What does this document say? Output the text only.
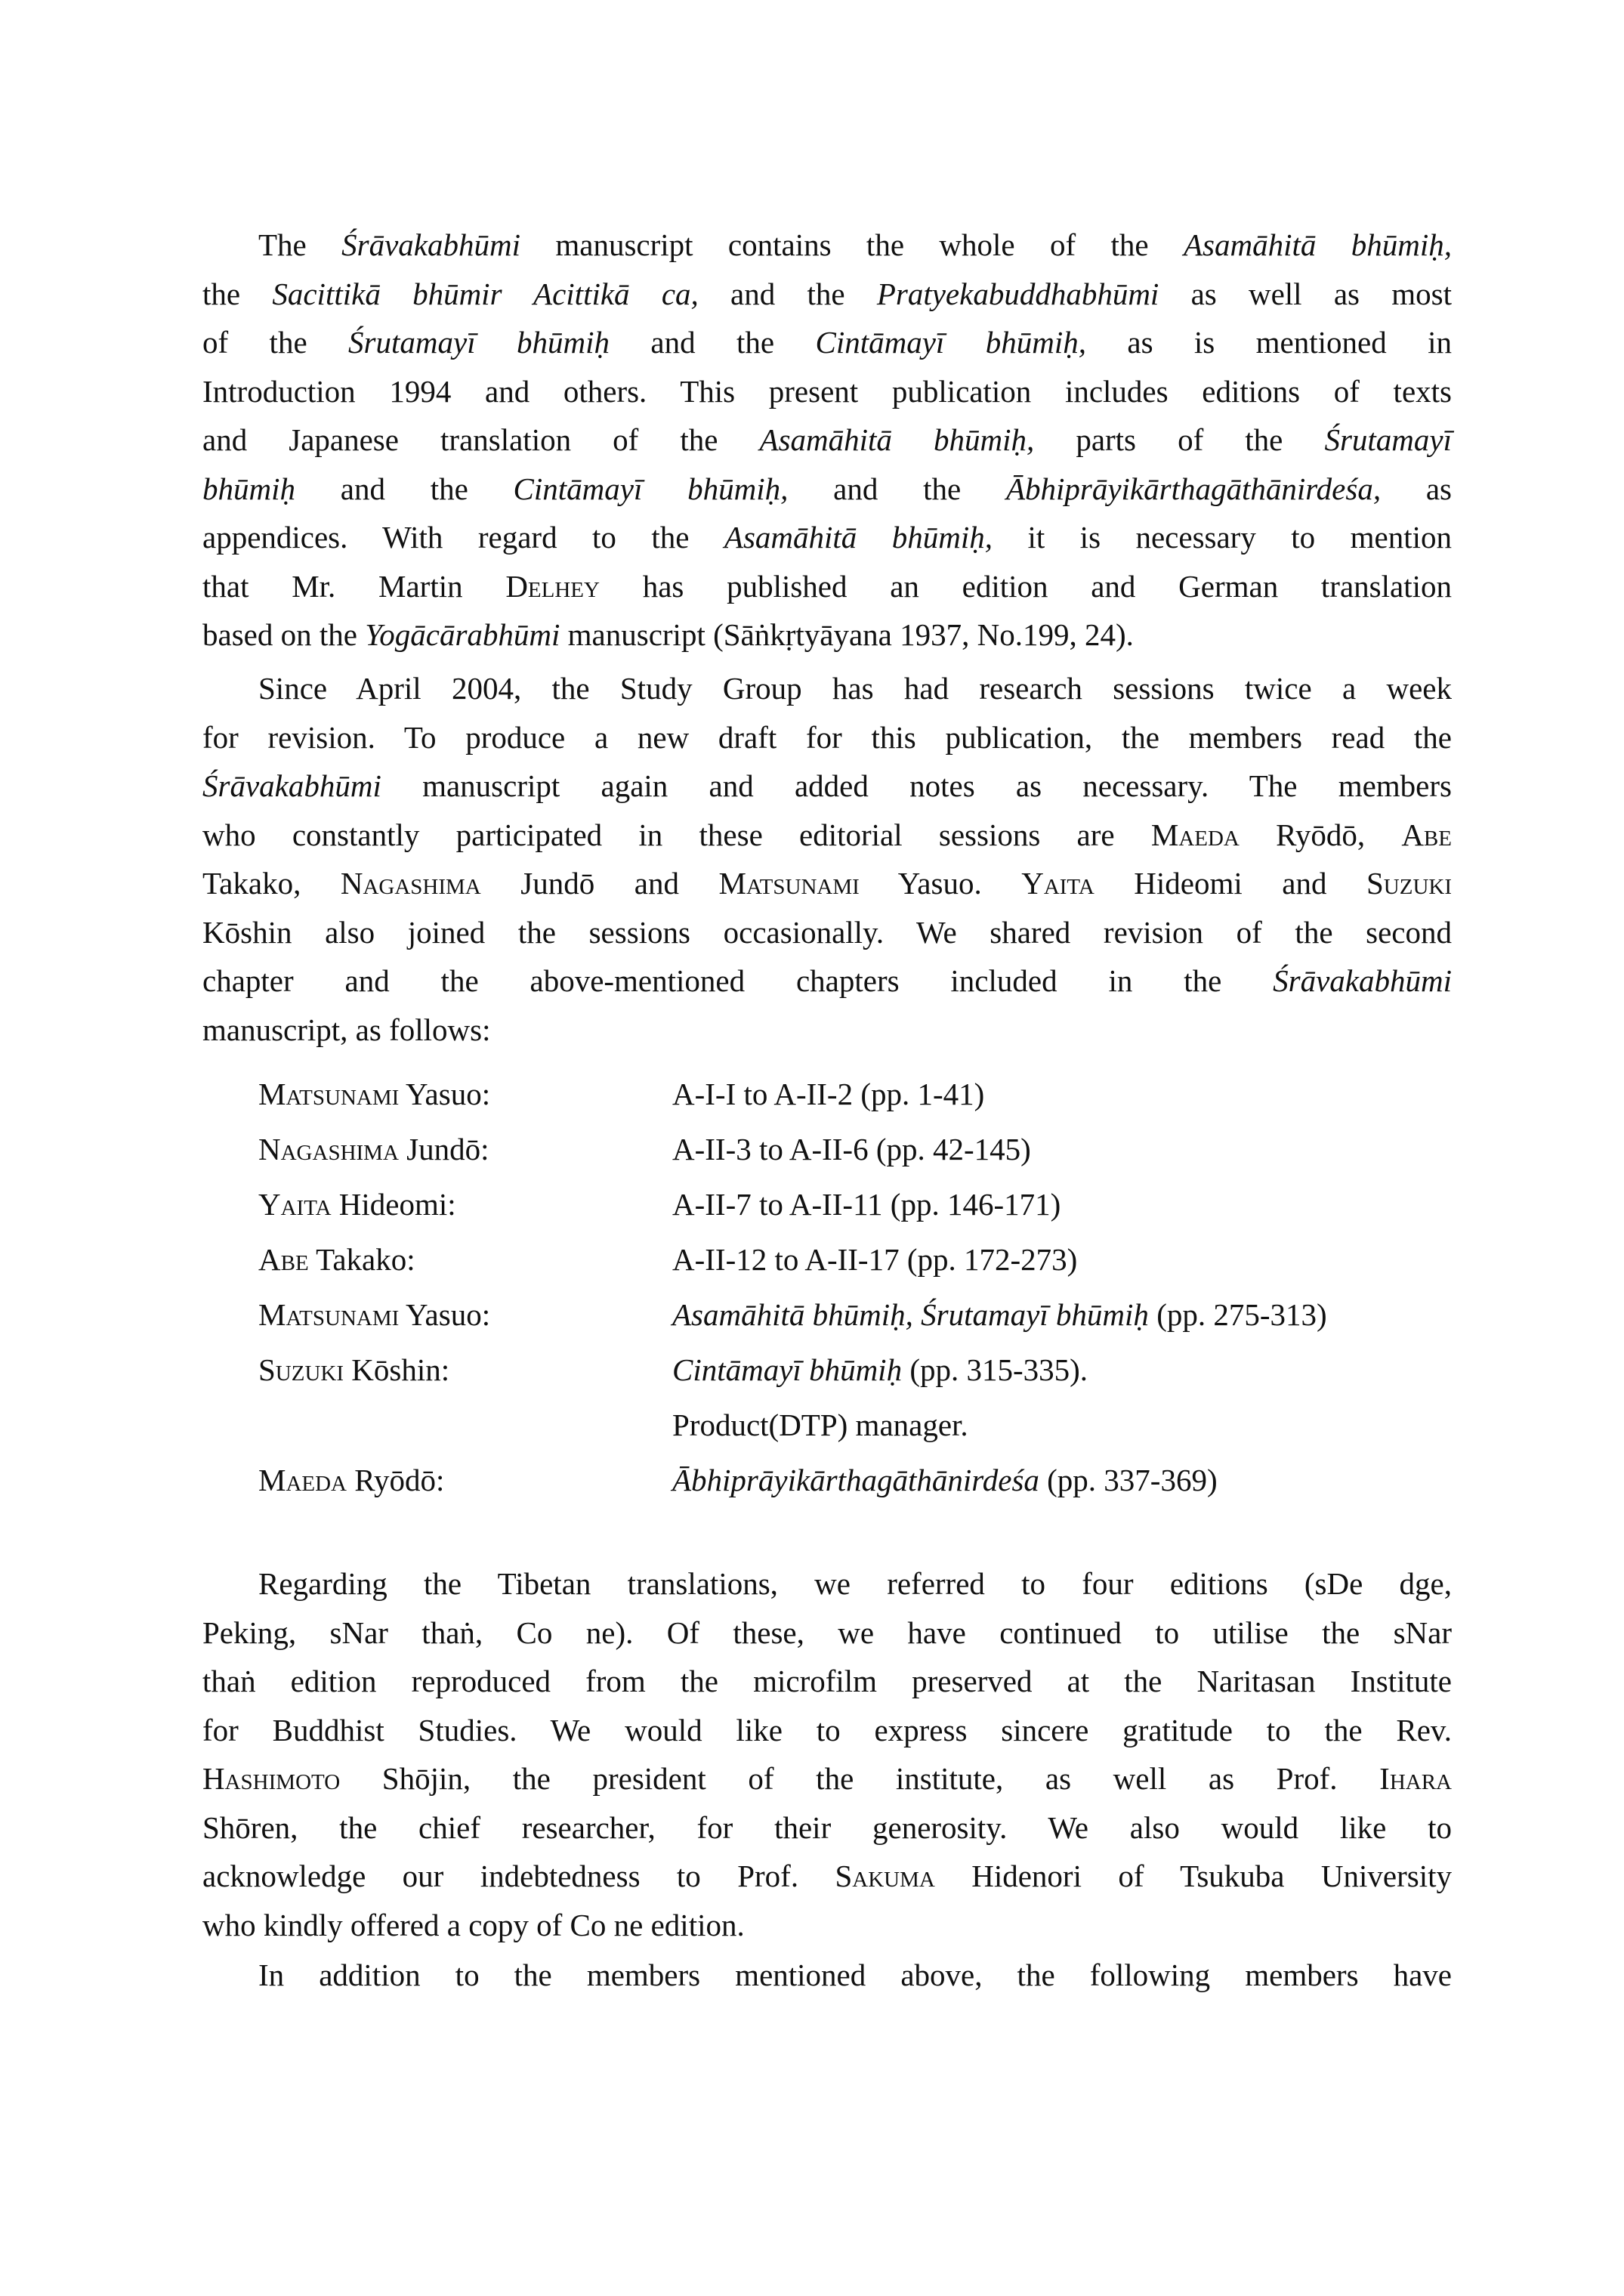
The Śrāvakabhūmi manuscript contains the whole of the Asamāhitā bhūmiḥ,
the Sacittikā bhūmir Acittikā ca, and the Pratyekabuddhabhūmi as well as most
of the Śrutamayī bhūmiḥ and the Cintāmayī bhūmiḥ, as is mentioned in
Introduction 1994 and others. This present publication includes editions of texts
and Japanese translation of the Asamāhitā bhūmiḥ, parts of the Śrutamayī
bhūmiḥ and the Cintāmayī bhūmiḥ, and the Ābhiprāyikārthagāthānirdeśa, as
appendices. With regard to the Asamāhitā bhūmiḥ, it is necessary to mention
that Mr. Martin Delhey has published an edition and German translation
based on the Yogācārabhūmi manuscript (Sāṅkṛtyāyana 1937, No.199, 24).
Since April 2004, the Study Group has had research sessions twice a week
for revision. To produce a new draft for this publication, the members read the
Śrāvakabhūmi manuscript again and added notes as necessary. The members
who constantly participated in these editorial sessions are Maeda Ryōdō, Abe
Takako, Nagashima Jundō and Matsunami Yasuo. Yaita Hideomi and Suzuki
Kōshin also joined the sessions occasionally. We shared revision of the second
chapter and the above-mentioned chapters included in the Śrāvakabhūmi
manuscript, as follows:
Matsunami Yasuo:	A-I-I to A-II-2 (pp. 1-41)
Nagashima Jundō:	A-II-3 to A-II-6 (pp. 42-145)
Yaita Hideomi:	A-II-7 to A-II-11 (pp. 146-171)
Abe Takako:	A-II-12 to A-II-17 (pp. 172-273)
Matsunami Yasuo:	Asamāhitā bhūmiḥ, Śrutamayī bhūmiḥ (pp. 275-313)
Suzuki Kōshin:	Cintāmayī bhūmiḥ (pp. 315-335).
Product(DTP) manager.
Maeda Ryōdō:	Ābhiprāyikārthagāthānirdeśa (pp. 337-369)
Regarding the Tibetan translations, we referred to four editions (sDe dge,
Peking, sNar thaṅ, Co ne). Of these, we have continued to utilise the sNar
thaṅ edition reproduced from the microfilm preserved at the Naritasan Institute
for Buddhist Studies. We would like to express sincere gratitude to the Rev.
Hashimoto Shōjin, the president of the institute, as well as Prof. Ihara
Shōren, the chief researcher, for their generosity. We also would like to
acknowledge our indebtedness to Prof. Sakuma Hidenori of Tsukuba University
who kindly offered a copy of Co ne edition.
In addition to the members mentioned above, the following members have
